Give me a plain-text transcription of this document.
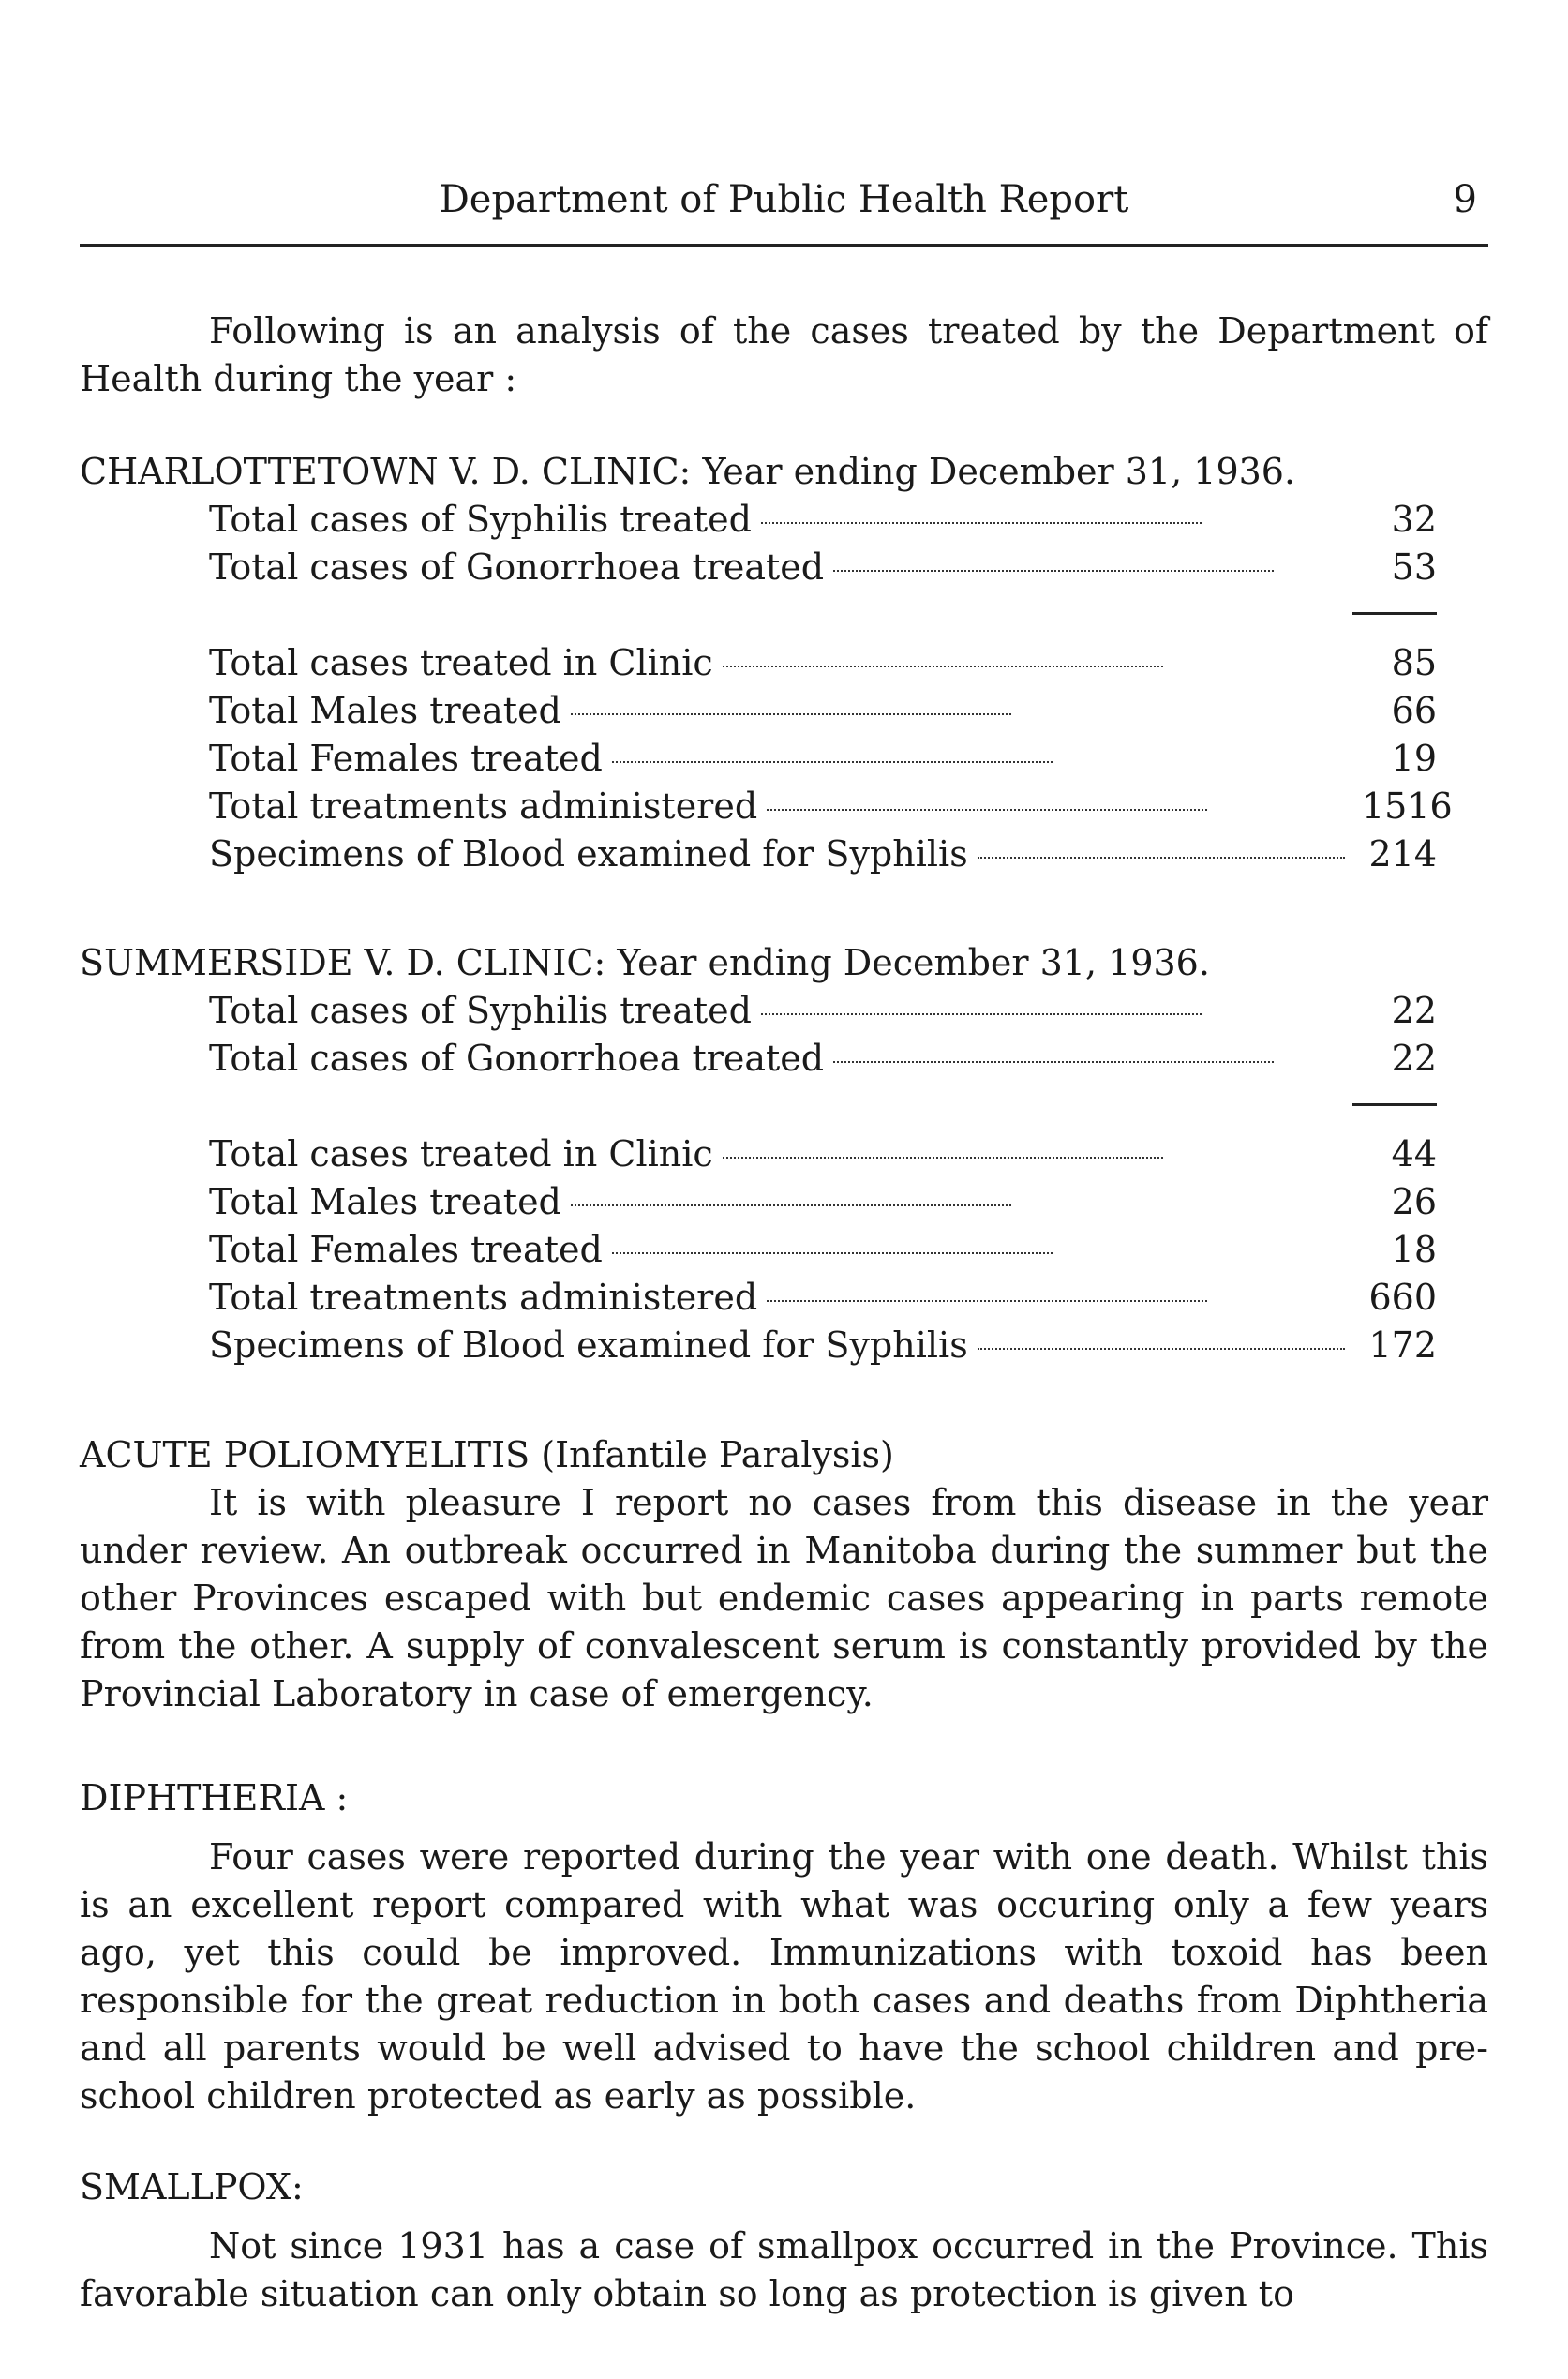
Department of Public Health Report	9

Following is an analysis of the cases treated by the Department of Health during the year :

CHARLOTTETOWN V. D. CLINIC: Year ending December 31, 1936.

Total cases of Syphilis treated	32
Total cases of Gonorrhoea treated	53
Total cases treated in Clinic	85
Total Males treated	66
Total Females treated	19
Total treatments administered	1516
Specimens of Blood examined for Syphilis	214

SUMMERSIDE V. D. CLINIC: Year ending December 31, 1936.

Total cases of Syphilis treated	22
Total cases of Gonorrhoea treated	22
Total cases treated in Clinic	44
Total Males treated	26
Total Females treated	18
Total treatments administered	660
Specimens of Blood examined for Syphilis	172

ACUTE POLIOMYELITIS (Infantile Paralysis)

It is with pleasure I report no cases from this disease in the year under review. An outbreak occurred in Manitoba during the summer but the other Provinces escaped with but endemic cases appearing in parts remote from the other. A supply of convalescent serum is constantly provided by the Provincial Laboratory in case of emergency.

DIPHTHERIA :

Four cases were reported during the year with one death. Whilst this is an excellent report compared with what was occuring only a few years ago, yet this could be improved. Immunizations with toxoid has been responsible for the great reduction in both cases and deaths from Diphtheria and all parents would be well advised to have the school children and pre-school children protected as early as possible.

SMALLPOX:

Not since 1931 has a case of smallpox occurred in the Province. This favorable situation can only obtain so long as protection is given to
